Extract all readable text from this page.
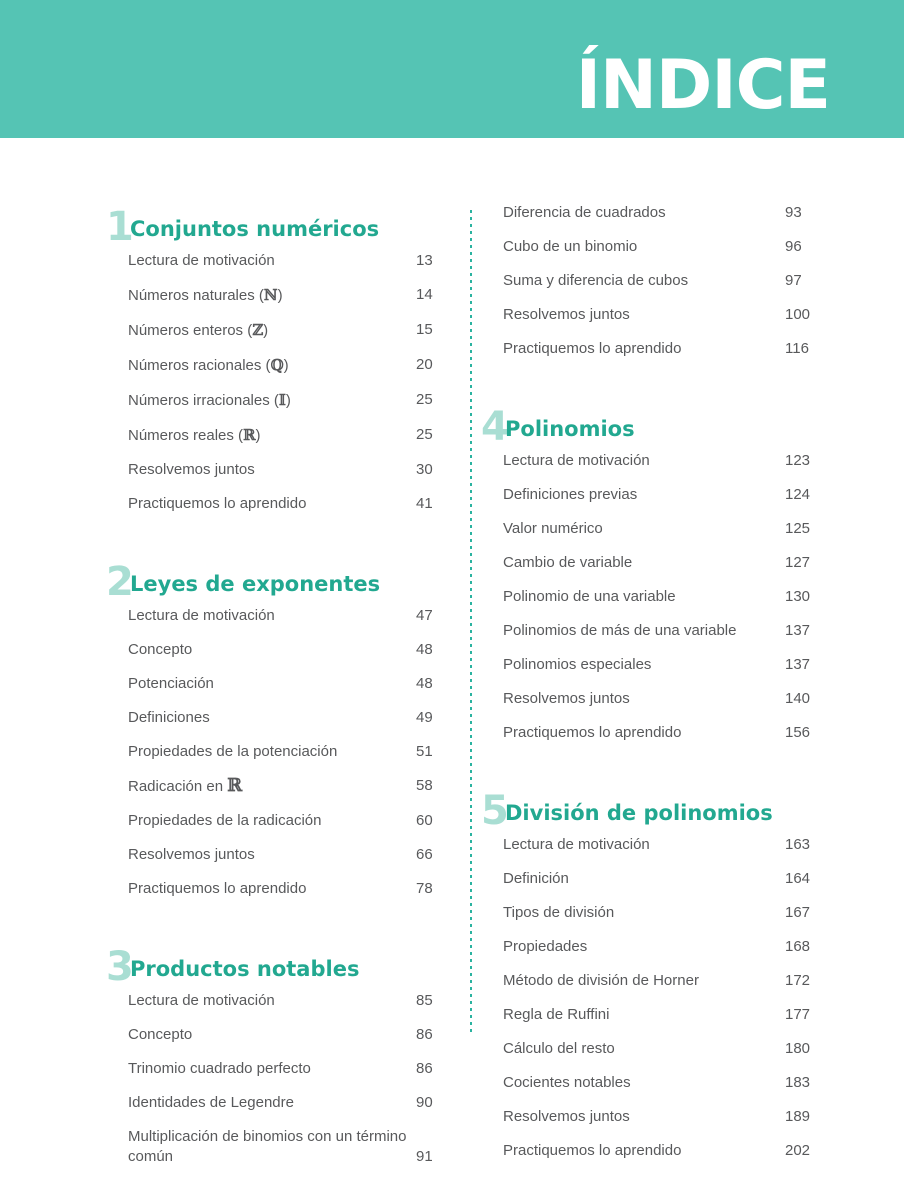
ÍNDICE
1
Conjuntos numéricos
Lectura de motivación	13
Números naturales (ℕ)	14
Números enteros (ℤ)	15
Números racionales (ℚ)	20
Números irracionales (𝕀)	25
Números reales (ℝ)	25
Resolvemos juntos	30
Practiquemos lo aprendido	41
2
Leyes de exponentes
Lectura de motivación	47
Concepto	48
Potenciación	48
Definiciones	49
Propiedades de la potenciación	51
Radicación en ℝ	58
Propiedades de la radicación	60
Resolvemos juntos	66
Practiquemos lo aprendido	78
3
Productos notables
Lectura de motivación	85
Concepto	86
Trinomio cuadrado perfecto	86
Identidades de Legendre	90
Multiplicación de binomios con un término común	91
Diferencia de cuadrados	93
Cubo de un binomio	96
Suma y diferencia de cubos	97
Resolvemos juntos	100
Practiquemos lo aprendido	116
4
Polinomios
Lectura de motivación	123
Definiciones previas	124
Valor numérico	125
Cambio de variable	127
Polinomio de una variable	130
Polinomios de más de una variable	137
Polinomios especiales	137
Resolvemos juntos	140
Practiquemos lo aprendido	156
5
División de polinomios
Lectura de motivación	163
Definición	164
Tipos de división	167
Propiedades	168
Método de división de Horner	172
Regla de Ruffini	177
Cálculo del resto	180
Cocientes notables	183
Resolvemos juntos	189
Practiquemos lo aprendido	202
